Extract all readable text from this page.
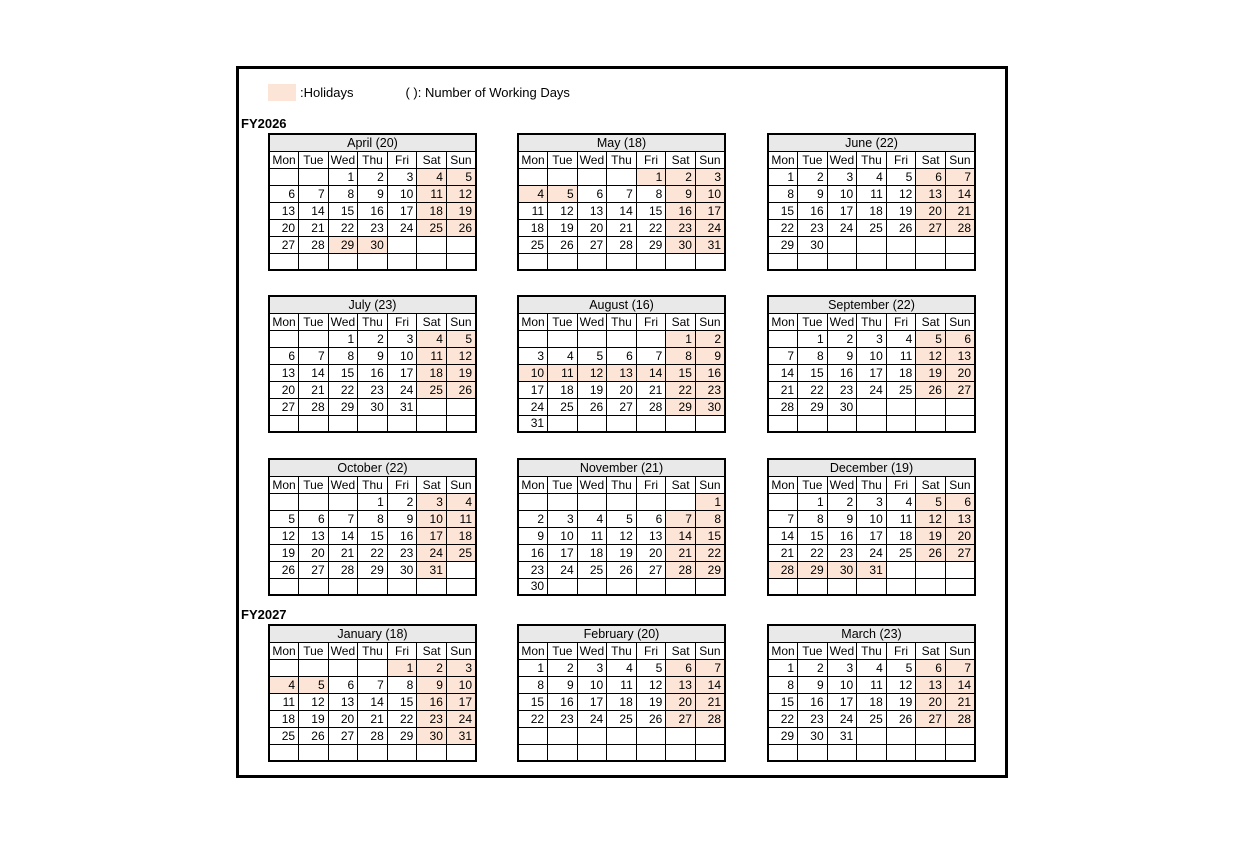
:Holidays	( ): Number of Working Days
FY2026
FY2027
April (20)						
Mon	Tue	Wed	Thu	Fri	Sat	Sun
		1	2	3	4	5
6	7	8	9	10	11	12
13	14	15	16	17	18	19
20	21	22	23	24	25	26
27	28	29	30			

May (18)						
Mon	Tue	Wed	Thu	Fri	Sat	Sun
				1	2	3
4	5	6	7	8	9	10
11	12	13	14	15	16	17
18	19	20	21	22	23	24
25	26	27	28	29	30	31

June (22)						
Mon	Tue	Wed	Thu	Fri	Sat	Sun
1	2	3	4	5	6	7
8	9	10	11	12	13	14
15	16	17	18	19	20	21
22	23	24	25	26	27	28
29	30					

July (23)						
Mon	Tue	Wed	Thu	Fri	Sat	Sun
		1	2	3	4	5
6	7	8	9	10	11	12
13	14	15	16	17	18	19
20	21	22	23	24	25	26
27	28	29	30	31		

August (16)						
Mon	Tue	Wed	Thu	Fri	Sat	Sun
					1	2
3	4	5	6	7	8	9
10	11	12	13	14	15	16
17	18	19	20	21	22	23
24	25	26	27	28	29	30
31						
September (22)						
Mon	Tue	Wed	Thu	Fri	Sat	Sun
	1	2	3	4	5	6
7	8	9	10	11	12	13
14	15	16	17	18	19	20
21	22	23	24	25	26	27
28	29	30				

October (22)						
Mon	Tue	Wed	Thu	Fri	Sat	Sun
			1	2	3	4
5	6	7	8	9	10	11
12	13	14	15	16	17	18
19	20	21	22	23	24	25
26	27	28	29	30	31	

November (21)						
Mon	Tue	Wed	Thu	Fri	Sat	Sun
						1
2	3	4	5	6	7	8
9	10	11	12	13	14	15
16	17	18	19	20	21	22
23	24	25	26	27	28	29
30						
December (19)						
Mon	Tue	Wed	Thu	Fri	Sat	Sun
	1	2	3	4	5	6
7	8	9	10	11	12	13
14	15	16	17	18	19	20
21	22	23	24	25	26	27
28	29	30	31			

January (18)						
Mon	Tue	Wed	Thu	Fri	Sat	Sun
				1	2	3
4	5	6	7	8	9	10
11	12	13	14	15	16	17
18	19	20	21	22	23	24
25	26	27	28	29	30	31

February (20)						
Mon	Tue	Wed	Thu	Fri	Sat	Sun
1	2	3	4	5	6	7
8	9	10	11	12	13	14
15	16	17	18	19	20	21
22	23	24	25	26	27	28

March (23)						
Mon	Tue	Wed	Thu	Fri	Sat	Sun
1	2	3	4	5	6	7
8	9	10	11	12	13	14
15	16	17	18	19	20	21
22	23	24	25	26	27	28
29	30	31				
